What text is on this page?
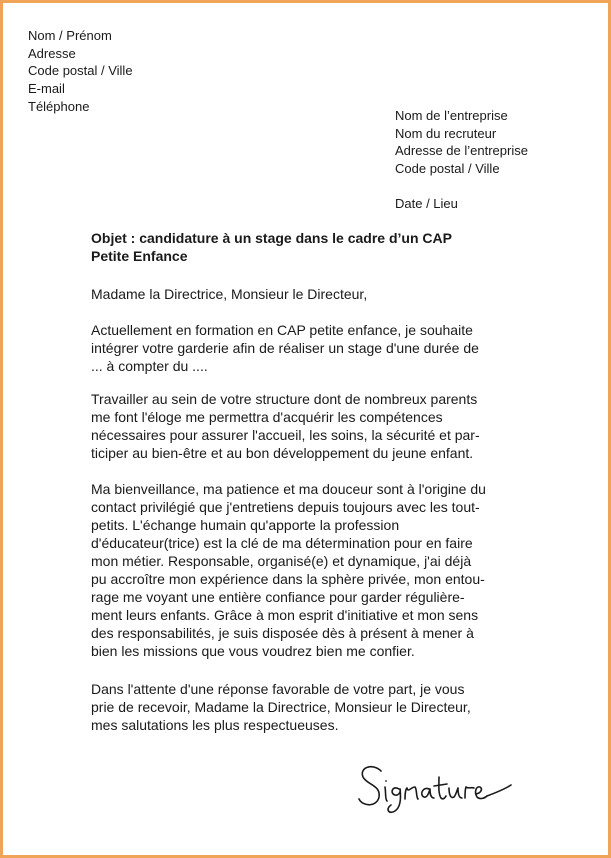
Nom / Prénom
Adresse
Code postal / Ville
E-mail
Téléphone
Nom de l’entreprise
Nom du recruteur
Adresse de l’entreprise
Code postal / Ville
Date / Lieu
Objet : candidature à un stage dans le cadre d’un CAP
Petite Enfance
Madame la Directrice, Monsieur le Directeur,
Actuellement en formation en CAP petite enfance, je souhaite
intégrer votre garderie afin de réaliser un stage d'une durée de
... à compter du ....
Travailler au sein de votre structure dont de nombreux parents
me font l'éloge me permettra d'acquérir les compétences
nécessaires pour assurer l'accueil, les soins, la sécurité et par-
ticiper au bien-être et au bon développement du jeune enfant.
Ma bienveillance, ma patience et ma douceur sont à l'origine du
contact privilégié que j'entretiens depuis toujours avec les tout-
petits. L'échange humain qu'apporte la profession
d'éducateur(trice) est la clé de ma détermination pour en faire
mon métier. Responsable, organisé(e) et dynamique, j'ai déjà
pu accroître mon expérience dans la sphère privée, mon entou-
rage me voyant une entière confiance pour garder régulière-
ment leurs enfants. Grâce à mon esprit d'initiative et mon sens
des responsabilités, je suis disposée dès à présent à mener à
bien les missions que vous voudrez bien me confier.
Dans l'attente d'une réponse favorable de votre part, je vous
prie de recevoir, Madame la Directrice, Monsieur le Directeur,
mes salutations les plus respectueuses.
